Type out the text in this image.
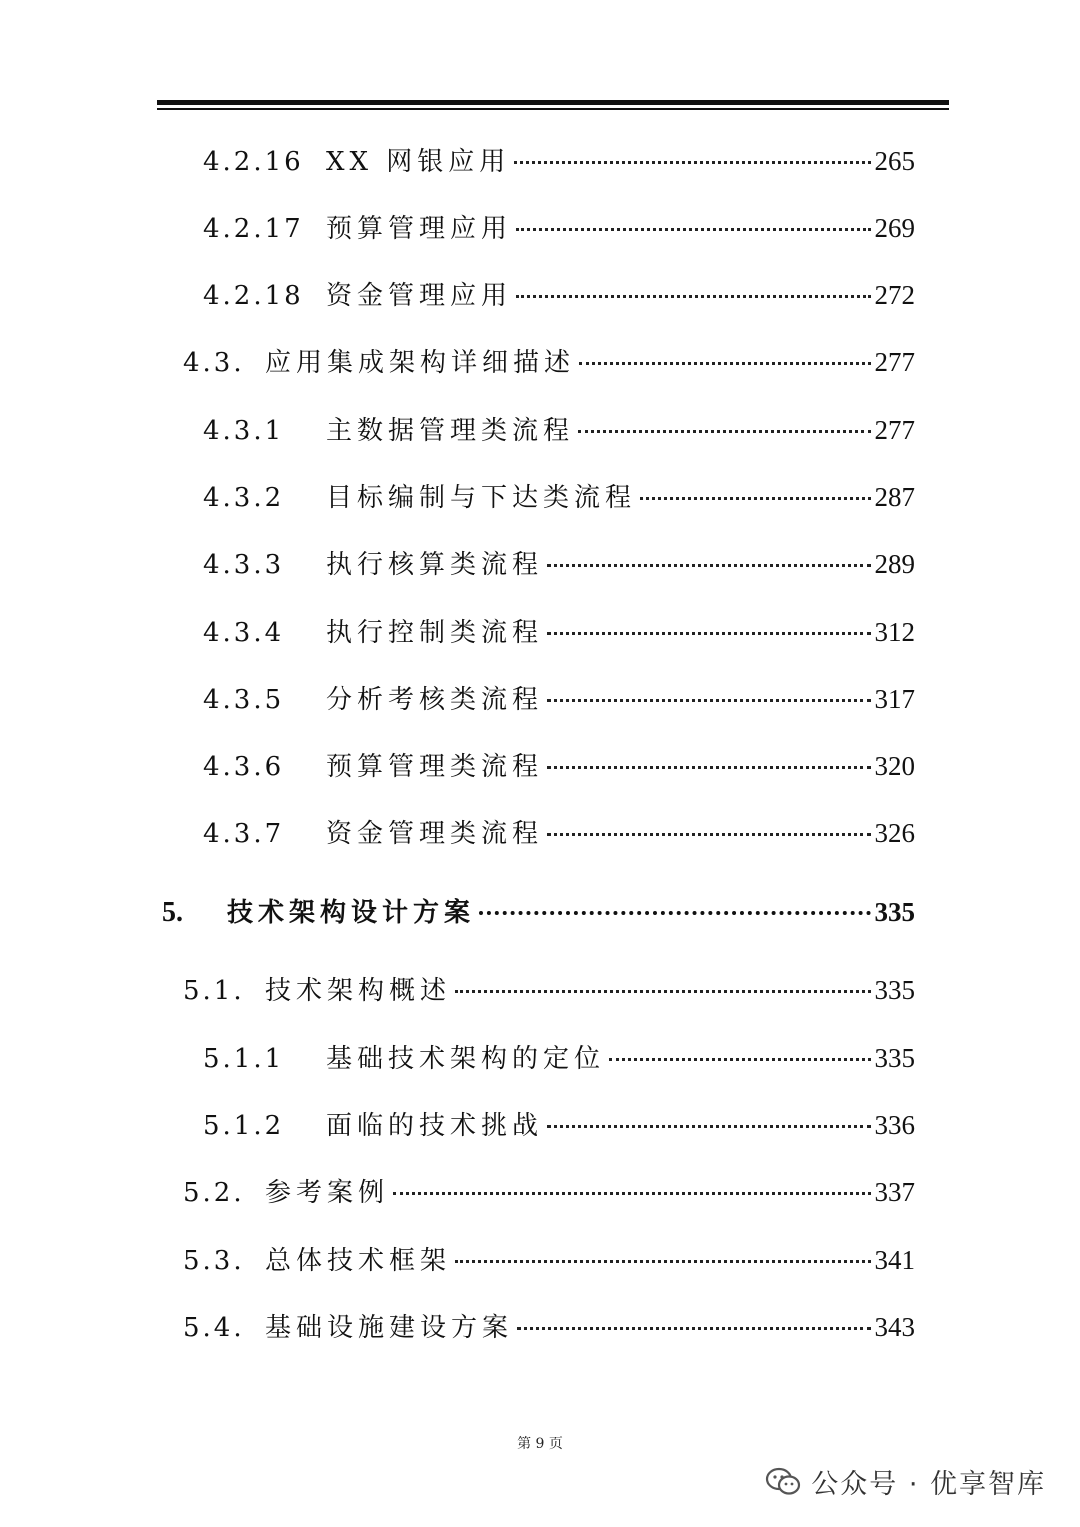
4.2.16 XX 网银应用	265
4.2.17 预算管理应用	269
4.2.18 资金管理应用	272
4.3. 应用集成架构详细描述	277
4.3.1	主数据管理类流程	277
4.3.2	目标编制与下达类流程	287
4.3.3	执行核算类流程	289
4.3.4	执行控制类流程	312
4.3.5	分析考核类流程	317
4.3.6	预算管理类流程	320
4.3.7	资金管理类流程	326
5.	技术架构设计方案	335
5.1. 技术架构概述	335
5.1.1	基础技术架构的定位	335
5.1.2	面临的技术挑战	336
5.2. 参考案例	337
5.3. 总体技术框架	341
5.4. 基础设施建设方案	343
第 9 页
公众号 · 优享智库
